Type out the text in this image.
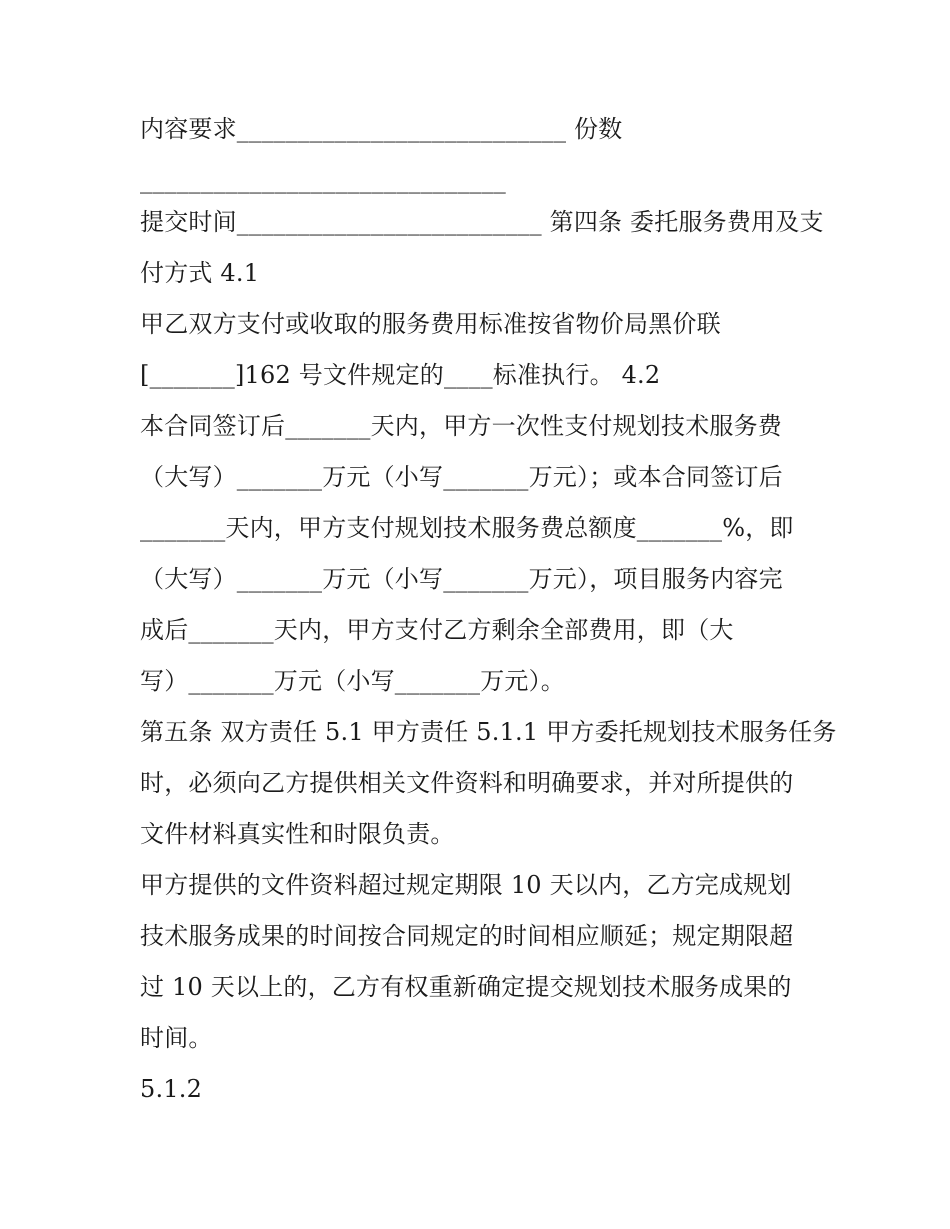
内容要求___________________________ 份数
______________________________
提交时间_________________________ 第四条 委托服务费用及支
付方式 4.1
甲乙双方支付或收取的服务费用标准按省物价局黑价联
[_______]162 号文件规定的____标准执行。 4.2
本合同签订后_______天内，甲方一次性支付规划技术服务费
（大写）_______万元（小写_______万元）；或本合同签订后
_______天内，甲方支付规划技术服务费总额度_______%，即
（大写）_______万元（小写_______万元），项目服务内容完
成后_______天内，甲方支付乙方剩余全部费用，即（大
写）_______万元（小写_______万元）。
第五条 双方责任 5.1 甲方责任 5.1.1 甲方委托规划技术服务任务
时，必须向乙方提供相关文件资料和明确要求，并对所提供的
文件材料真实性和时限负责。
甲方提供的文件资料超过规定期限 10 天以内，乙方完成规划
技术服务成果的时间按合同规定的时间相应顺延；规定期限超
过 10 天以上的，乙方有权重新确定提交规划技术服务成果的
时间。
5.1.2
